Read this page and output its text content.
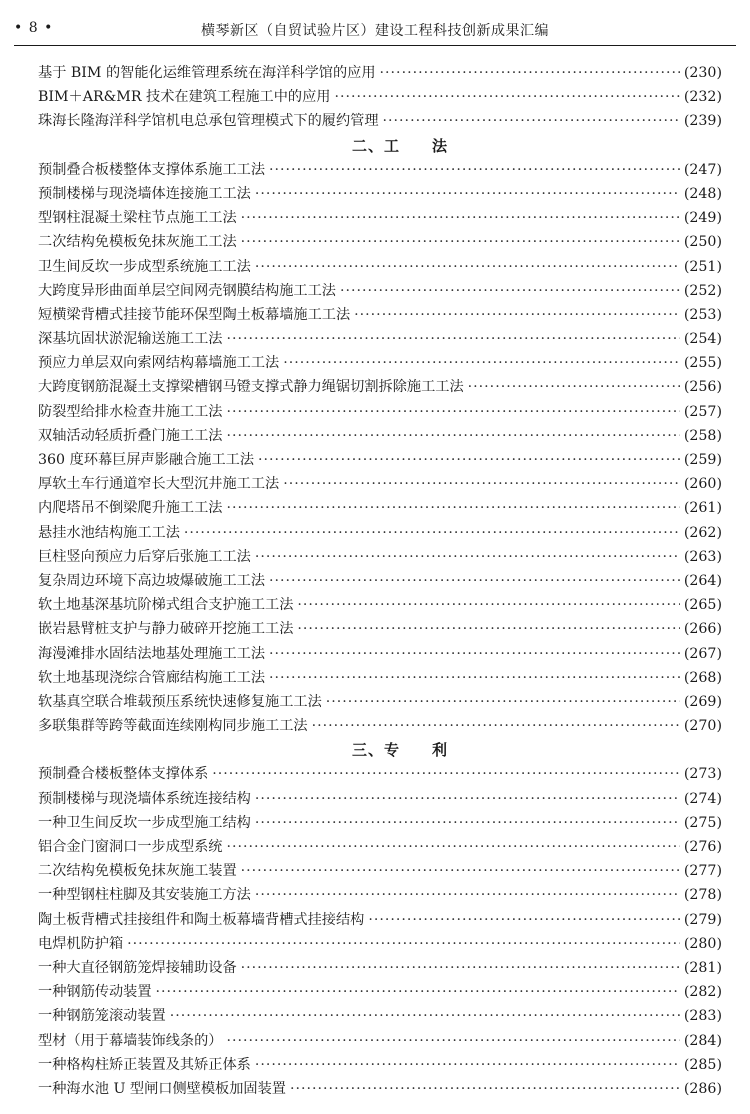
• 8 •	横琴新区（自贸试验片区）建设工程科技创新成果汇编
基于 BIM 的智能化运维管理系统在海洋科学馆的应用 ·····	(230)
BIM＋AR&MR 技术在建筑工程施工中的应用 ·····	(232)
珠海长隆海洋科学馆机电总承包管理模式下的履约管理 ·····	(239)
二、工　　法
预制叠合板楼整体支撑体系施工工法 ·····	(247)
预制楼梯与现浇墙体连接施工工法 ·····	(248)
型钢柱混凝土梁柱节点施工工法 ·····	(249)
二次结构免模板免抹灰施工工法 ·····	(250)
卫生间反坎一步成型系统施工工法 ·····	(251)
大跨度异形曲面单层空间网壳钢膜结构施工工法 ·····	(252)
短横梁背槽式挂接节能环保型陶土板幕墙施工工法 ·····	(253)
深基坑固状淤泥输送施工工法 ·····	(254)
预应力单层双向索网结构幕墙施工工法 ·····	(255)
大跨度钢筋混凝土支撑梁槽钢马镫支撑式静力绳锯切割拆除施工工法 ·····	(256)
防裂型给排水检查井施工工法 ·····	(257)
双轴活动轻质折叠门施工工法 ·····	(258)
360 度环幕巨屏声影融合施工工法 ·····	(259)
厚软土车行通道窄长大型沉井施工工法 ·····	(260)
内爬塔吊不倒梁爬升施工工法 ·····	(261)
悬挂水池结构施工工法 ·····	(262)
巨柱竖向预应力后穿后张施工工法 ·····	(263)
复杂周边环境下高边坡爆破施工工法 ·····	(264)
软土地基深基坑阶梯式组合支护施工工法 ·····	(265)
嵌岩悬臂桩支护与静力破碎开挖施工工法 ·····	(266)
海漫滩排水固结法地基处理施工工法 ·····	(267)
软土地基现浇综合管廊结构施工工法 ·····	(268)
软基真空联合堆载预压系统快速修复施工工法 ·····	(269)
多联集群等跨等截面连续刚构同步施工工法 ·····	(270)
三、专　　利
预制叠合楼板整体支撑体系 ·····	(273)
预制楼梯与现浇墙体系统连接结构 ·····	(274)
一种卫生间反坎一步成型施工结构 ·····	(275)
铝合金门窗洞口一步成型系统 ·····	(276)
二次结构免模板免抹灰施工装置 ·····	(277)
一种型钢柱柱脚及其安装施工方法 ·····	(278)
陶土板背槽式挂接组件和陶土板幕墙背槽式挂接结构 ·····	(279)
电焊机防护箱 ·····	(280)
一种大直径钢筋笼焊接辅助设备 ·····	(281)
一种钢筋传动装置 ·····	(282)
一种钢筋笼滚动装置 ·····	(283)
型材（用于幕墙装饰线条的） ·····	(284)
一种格构柱矫正装置及其矫正体系 ·····	(285)
一种海水池 U 型闸口侧壁模板加固装置 ·····	(286)
